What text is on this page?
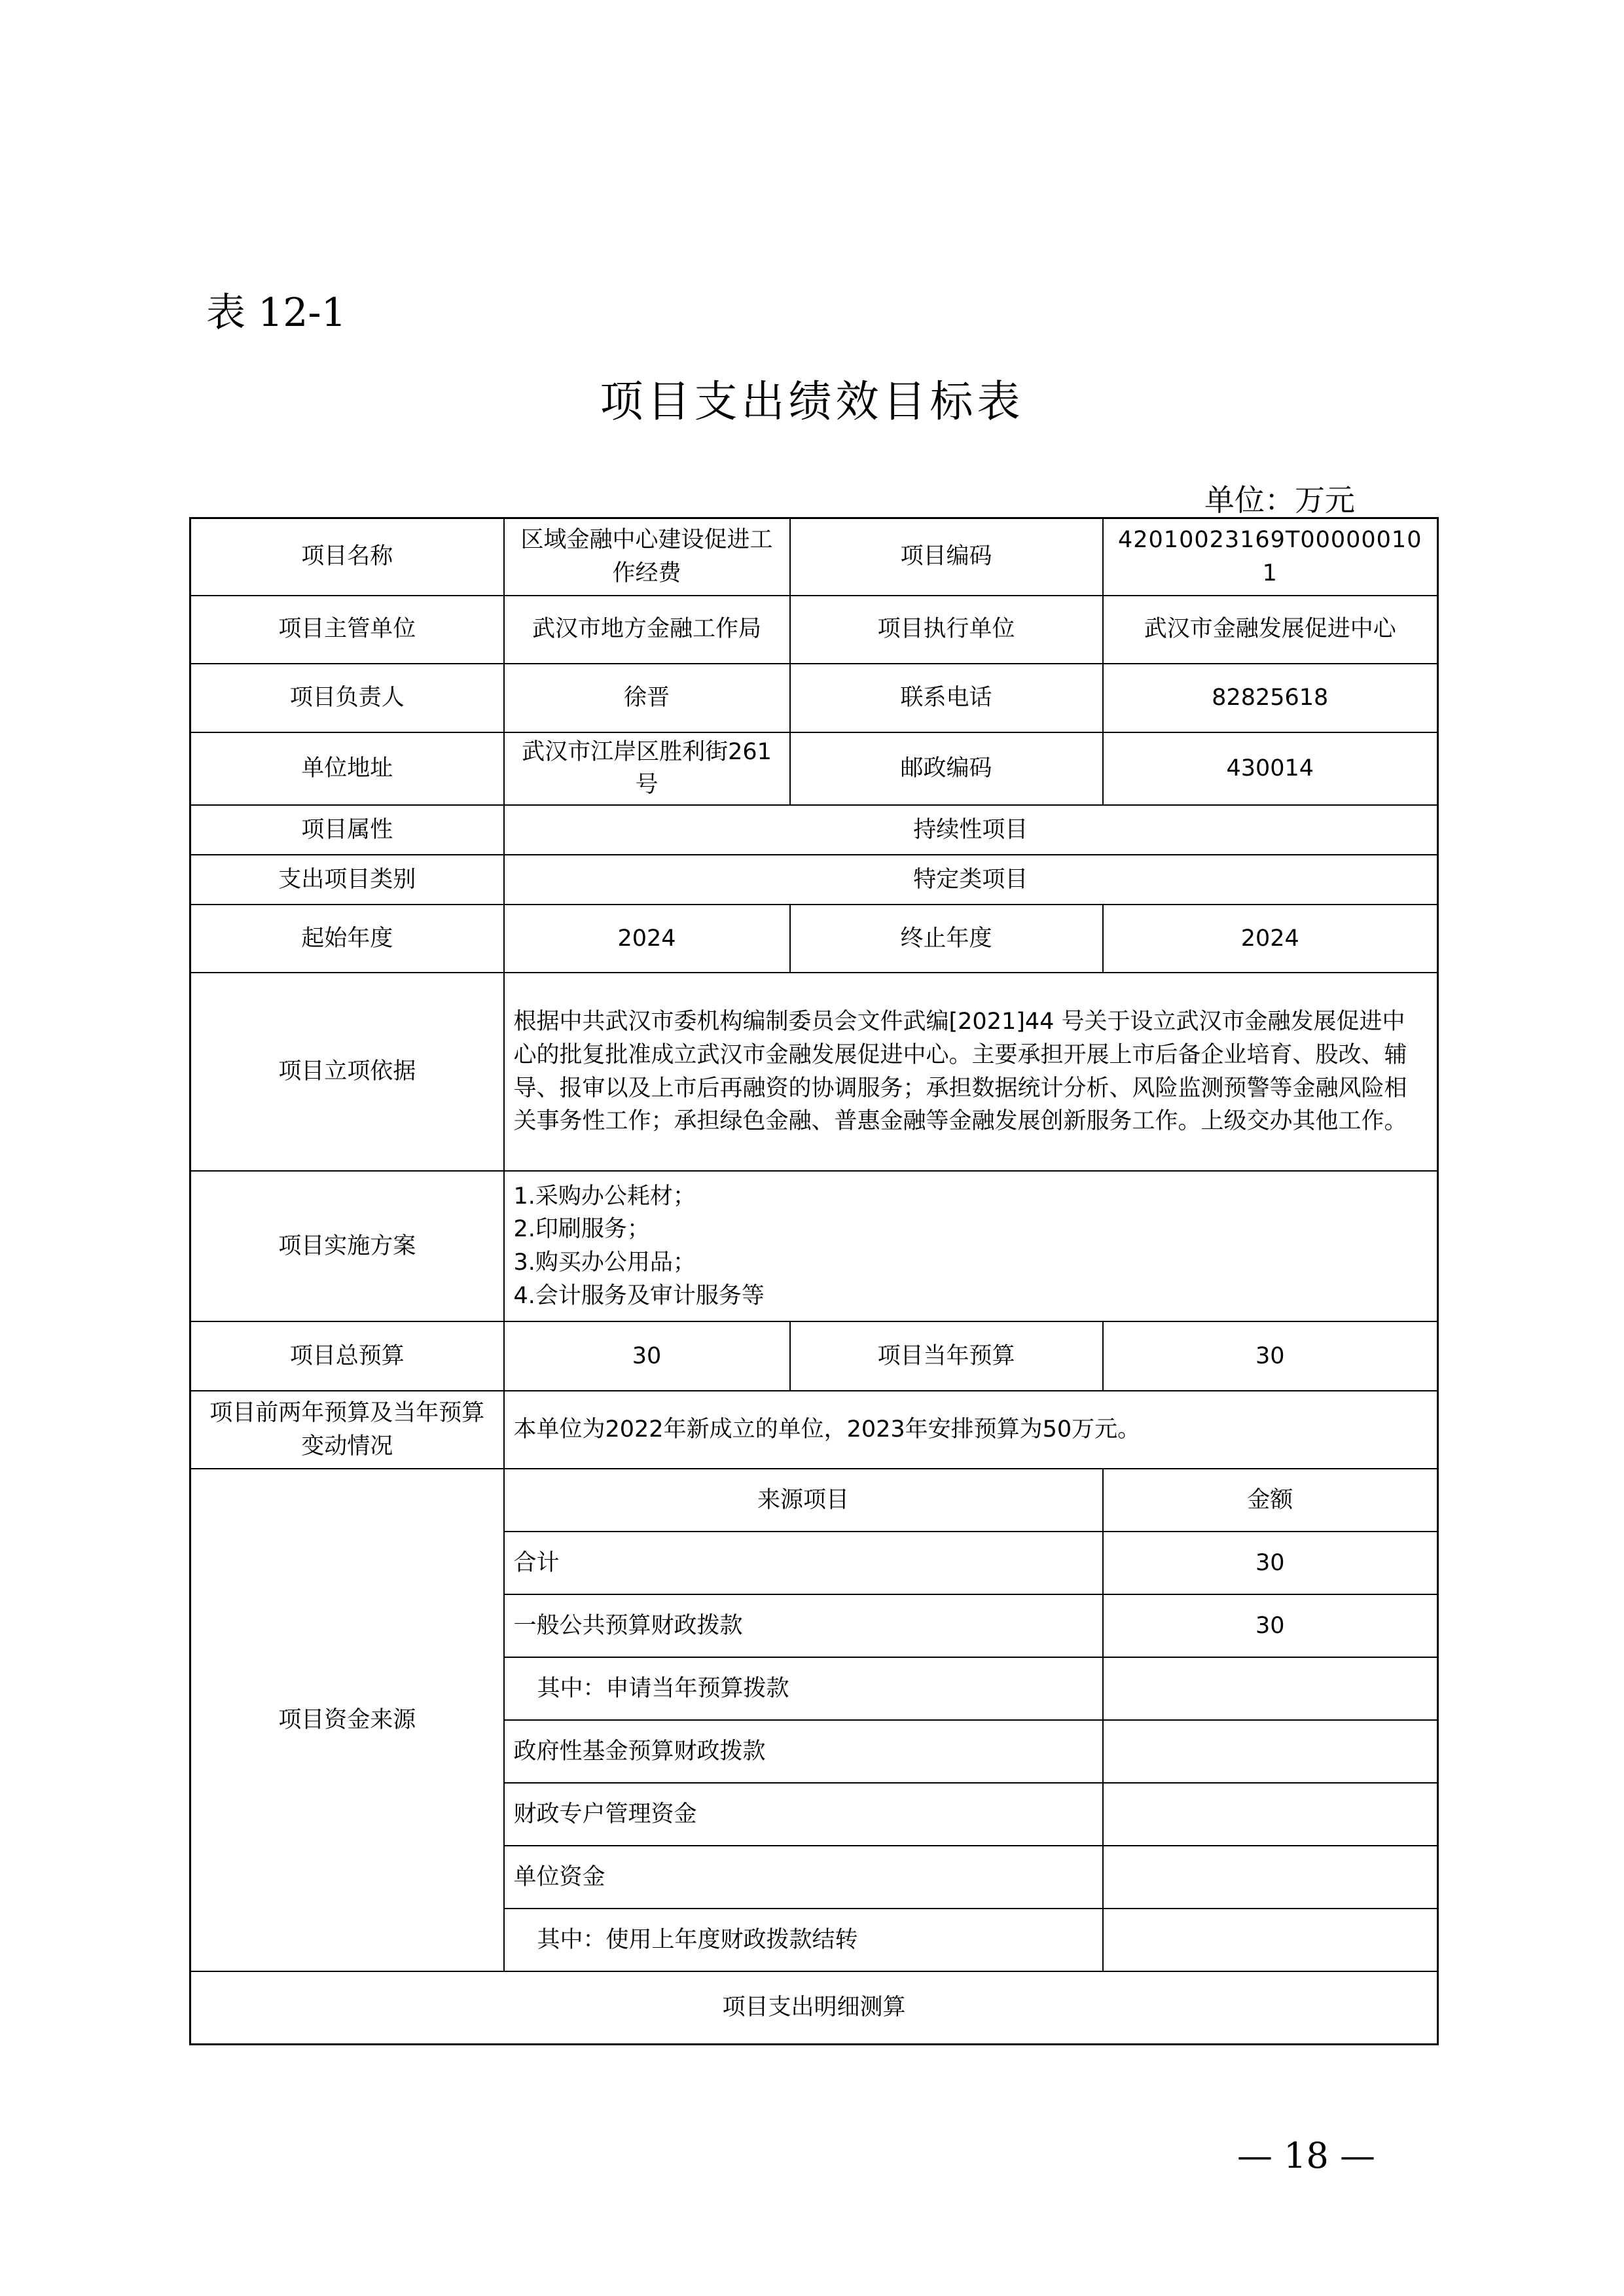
表 12-1
项目支出绩效目标表
单位：万元
项目名称	区域金融中心建设促进工作经费	项目编码	42010023169T000000101
项目主管单位	武汉市地方金融工作局	项目执行单位	武汉市金融发展促进中心
项目负责人	徐晋	联系电话	82825618
单位地址	武汉市江岸区胜利街261号	邮政编码	430014
项目属性	持续性项目		
支出项目类别	特定类项目		
起始年度	2024	终止年度	2024
项目立项依据	根据中共武汉市委机构编制委员会文件武编[2021]44 号关于设立武汉市金融发展促进中心的批复批准成立武汉市金融发展促进中心。主要承担开展上市后备企业培育、股改、辅导、报审以及上市后再融资的协调服务；承担数据统计分析、风险监测预警等金融风险相关事务性工作；承担绿色金融、普惠金融等金融发展创新服务工作。上级交办其他工作。		
项目实施方案	1.采购办公耗材；
2.印刷服务；
3.购买办公用品；
4.会计服务及审计服务等		

项目总预算	30	项目当年预算	30
项目前两年预算及当年预算变动情况	本单位为2022年新成立的单位，2023年安排预算为50万元。		
项目资金来源	来源项目		金额
	合计		30
	一般公共预算财政拨款		30
	其中：申请当年预算拨款		
	政府性基金预算财政拨款		
	财政专户管理资金		
	单位资金		
	其中：使用上年度财政拨款结转		
项目支出明细测算			
— 18 —
